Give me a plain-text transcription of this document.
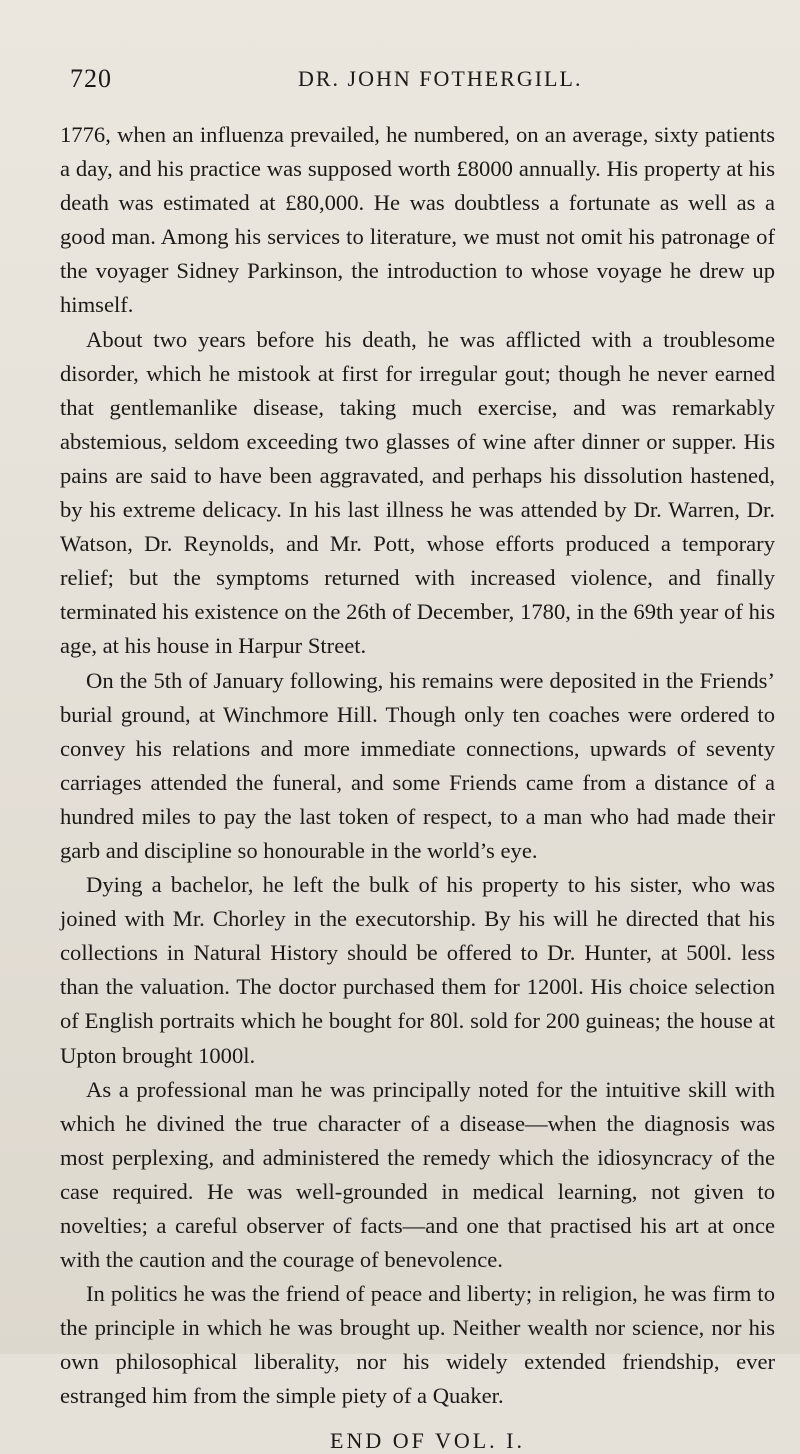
720	DR. JOHN FOTHERGILL.

1776, when an influenza prevailed, he numbered, on an average, sixty patients a day, and his practice was supposed worth £8000 annually. His property at his death was estimated at £80,000. He was doubtless a fortunate as well as a good man. Among his services to literature, we must not omit his patronage of the voyager Sidney Parkinson, the introduction to whose voyage he drew up himself.

About two years before his death, he was afflicted with a troublesome disorder, which he mistook at first for irregular gout; though he never earned that gentlemanlike disease, taking much exercise, and was remarkably abstemious, seldom exceeding two glasses of wine after dinner or supper. His pains are said to have been aggravated, and perhaps his dissolution hastened, by his extreme delicacy. In his last illness he was attended by Dr. Warren, Dr. Watson, Dr. Reynolds, and Mr. Pott, whose efforts produced a temporary relief; but the symptoms returned with increased violence, and finally terminated his existence on the 26th of December, 1780, in the 69th year of his age, at his house in Harpur Street.

On the 5th of January following, his remains were deposited in the Friends’ burial ground, at Winchmore Hill. Though only ten coaches were ordered to convey his relations and more immediate connections, upwards of seventy carriages attended the funeral, and some Friends came from a distance of a hundred miles to pay the last token of respect, to a man who had made their garb and discipline so honourable in the world’s eye.

Dying a bachelor, he left the bulk of his property to his sister, who was joined with Mr. Chorley in the executorship. By his will he directed that his collections in Natural History should be offered to Dr. Hunter, at 500l. less than the valuation. The doctor purchased them for 1200l. His choice selection of English portraits which he bought for 80l. sold for 200 guineas; the house at Upton brought 1000l.

As a professional man he was principally noted for the intuitive skill with which he divined the true character of a disease—when the diagnosis was most perplexing, and administered the remedy which the idiosyncracy of the case required. He was well-grounded in medical learning, not given to novelties; a careful observer of facts—and one that practised his art at once with the caution and the courage of benevolence.

In politics he was the friend of peace and liberty; in religion, he was firm to the principle in which he was brought up. Neither wealth nor science, nor his own philosophical liberality, nor his widely extended friendship, ever estranged him from the simple piety of a Quaker.

END OF VOL. I.
